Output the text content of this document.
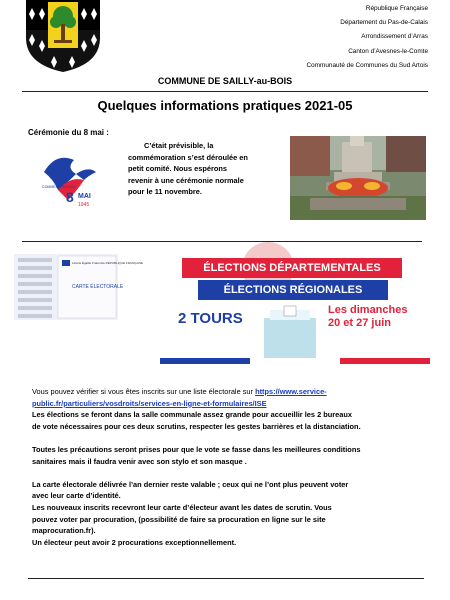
République Française
Département du Pas-de-Calais
Arrondissement d’Arras
Canton d’Avesnes-le-Comte
Communauté de Communes du Sud Artois
COMMUNE DE SAILLY-au-BOIS
Quelques informations pratiques 2021-05
Cérémonie du 8 mai :
COMMÉMORATION
8 MAI
1945
C’était prévisible, la
commémoration s’est déroulée en
petit comité. Nous espérons
revenir à une cérémonie normale
pour le 11 novembre.
Liberté Égalité Fraternité RÉPUBLIQUE FRANÇAISE
CARTE ÉLECTORALE
ÉLECTIONS DÉPARTEMENTALES
ÉLECTIONS RÉGIONALES
2 TOURS	Les dimanches
20 et 27 juin
Vous pouvez vérifier si vous êtes inscrits sur une liste électorale sur https://www.service-
public.fr/particuliers/vosdroits/services-en-ligne-et-formulaires/ISE
Les élections se feront dans la salle communale assez grande pour accueillir les 2 bureaux
de vote nécessaires pour ces deux scrutins, respecter les gestes barrières et la distanciation.
Toutes les précautions seront prises pour que le vote se fasse dans les meilleures conditions
sanitaires mais il faudra venir avec son stylo et son masque .
La carte électorale délivrée l’an dernier reste valable ; ceux qui ne l’ont plus peuvent voter
avec leur carte d’identité.
Les nouveaux inscrits recevront leur carte d’électeur avant les dates de scrutin. Vous
pouvez voter par procuration, (possibilité de faire sa procuration en ligne sur le site
maprocuration.fr).
Un électeur peut avoir 2 procurations exceptionnellement.
